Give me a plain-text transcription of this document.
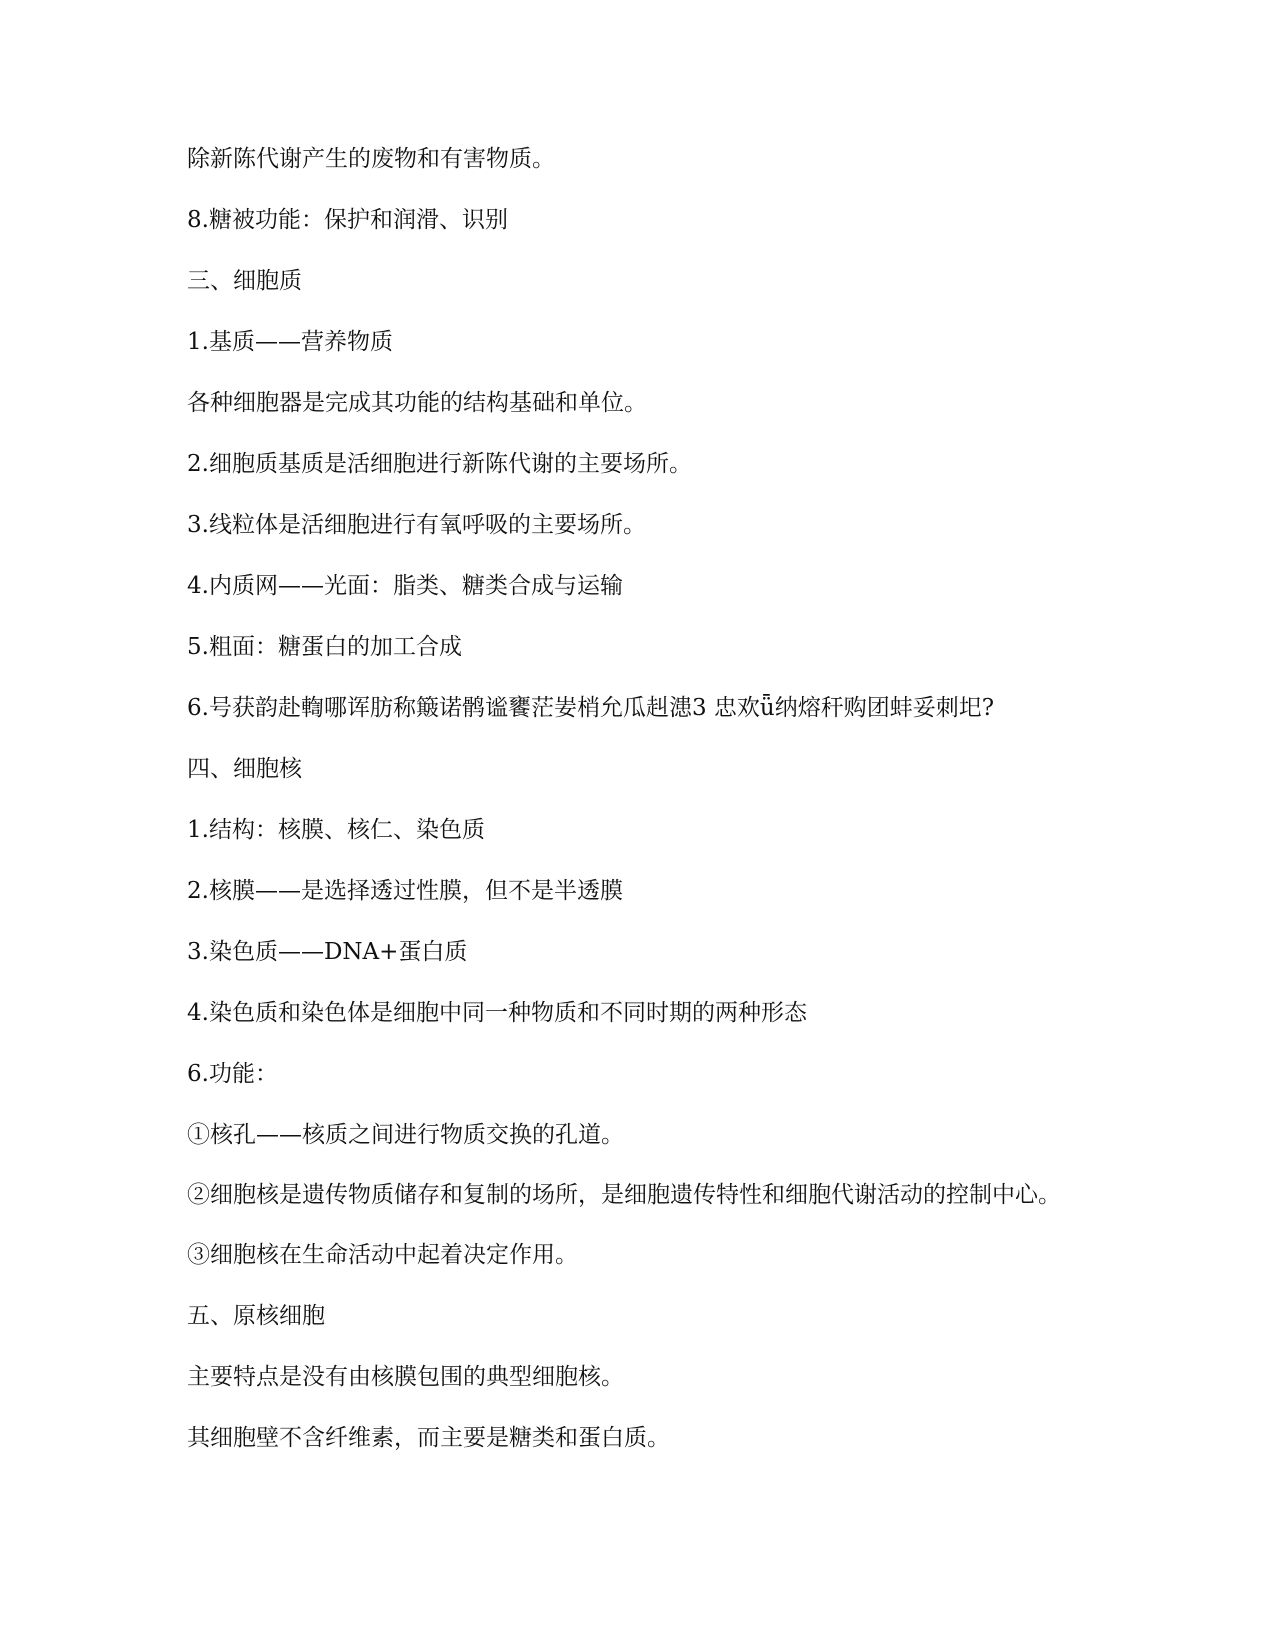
除新陈代谢产生的废物和有害物质。

8.糖被功能：保护和润滑、识别

三、细胞质

1.基质——营养物质

各种细胞器是完成其功能的结构基础和单位。

2.细胞质基质是活细胞进行新陈代谢的主要场所。

3.线粒体是活细胞进行有氧呼吸的主要场所。

4.内质网——光面：脂类、糖类合成与运输

5.粗面：糖蛋白的加工合成

6.号获韵赴輷哪诨肪称簸诺鹘谧饔茫妛梢允瓜赳漶3 忠欢ǖ纳熔秆购团蚌妥刺圯?

四、细胞核

1.结构：核膜、核仁、染色质

2.核膜——是选择透过性膜，但不是半透膜

3.染色质——DNA+蛋白质

4.染色质和染色体是细胞中同一种物质和不同时期的两种形态

6.功能：

①核孔——核质之间进行物质交换的孔道。

②细胞核是遗传物质储存和复制的场所，是细胞遗传特性和细胞代谢活动的控制中心。

③细胞核在生命活动中起着决定作用。

五、原核细胞

主要特点是没有由核膜包围的典型细胞核。

其细胞壁不含纤维素，而主要是糖类和蛋白质。
